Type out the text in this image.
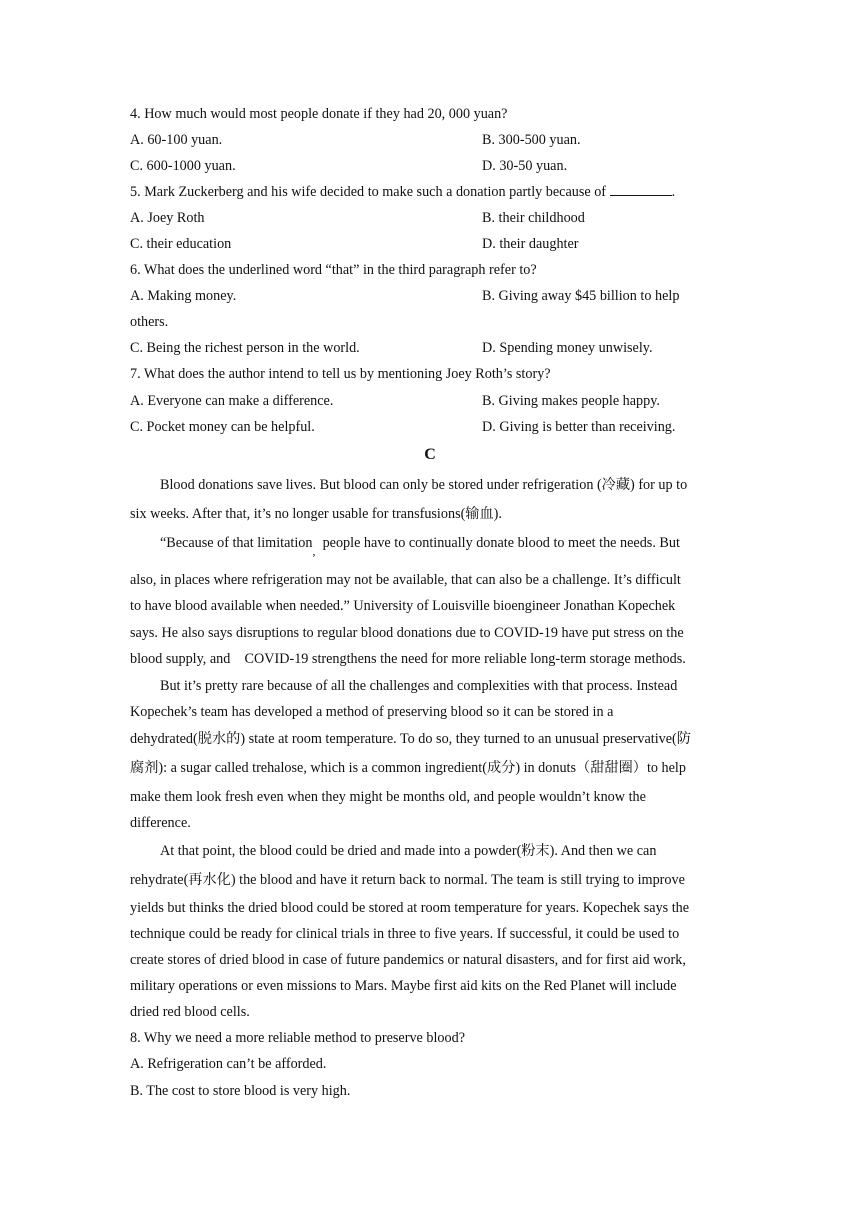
4. How much would most people donate if they had 20, 000 yuan?
A. 60-100 yuan.	B. 300-500 yuan.
C. 600-1000 yuan.	D. 30-50 yuan.
5. Mark Zuckerberg and his wife decided to make such a donation partly because of	.
A. Joey Roth	B. their childhood
C. their education	D. their daughter
6. What does the underlined word “that” in the third paragraph refer to?
A. Making money.	B. Giving away $45 billion to help
others.
C. Being the richest person in the world.	D. Spending money unwisely.
7. What does the author intend to tell us by mentioning Joey Roth’s story?
A. Everyone can make a difference.	B. Giving makes people happy.
C. Pocket money can be helpful.	D. Giving is better than receiving.
C
Blood donations save lives. But blood can only be stored under refrigeration (冷藏) for up to
six weeks. After that, it’s no longer usable for transfusions(输血).
“Because of that limitation$_,$ people have to continually donate blood to meet the needs. But
also, in places where refrigeration may not be available, that can also be a challenge. It’s difficult
to have blood available when needed.” University of Louisville bioengineer Jonathan Kopechek
says. He also says disruptions to regular blood donations due to COVID-19 have put stress on the
blood supply, and    COVID-19 strengthens the need for more reliable long-term storage methods.
But it’s pretty rare because of all the challenges and complexities with that process. Instead
Kopechek’s team has developed a method of preserving blood so it can be stored in a
dehydrated(脱水的) state at room temperature. To do so, they turned to an unusual preservative(防
腐剂): a sugar called trehalose, which is a common ingredient(成分) in donuts（甜甜圈）to help
make them look fresh even when they might be months old, and people wouldn’t know the
difference.
At that point, the blood could be dried and made into a powder(粉末). And then we can
rehydrate(再水化) the blood and have it return back to normal. The team is still trying to improve
yields but thinks the dried blood could be stored at room temperature for years. Kopechek says the
technique could be ready for clinical trials in three to five years. If successful, it could be used to
create stores of dried blood in case of future pandemics or natural disasters, and for first aid work,
military operations or even missions to Mars. Maybe first aid kits on the Red Planet will include
dried red blood cells.
8. Why we need a more reliable method to preserve blood?
A. Refrigeration can’t be afforded.
B. The cost to store blood is very high.
